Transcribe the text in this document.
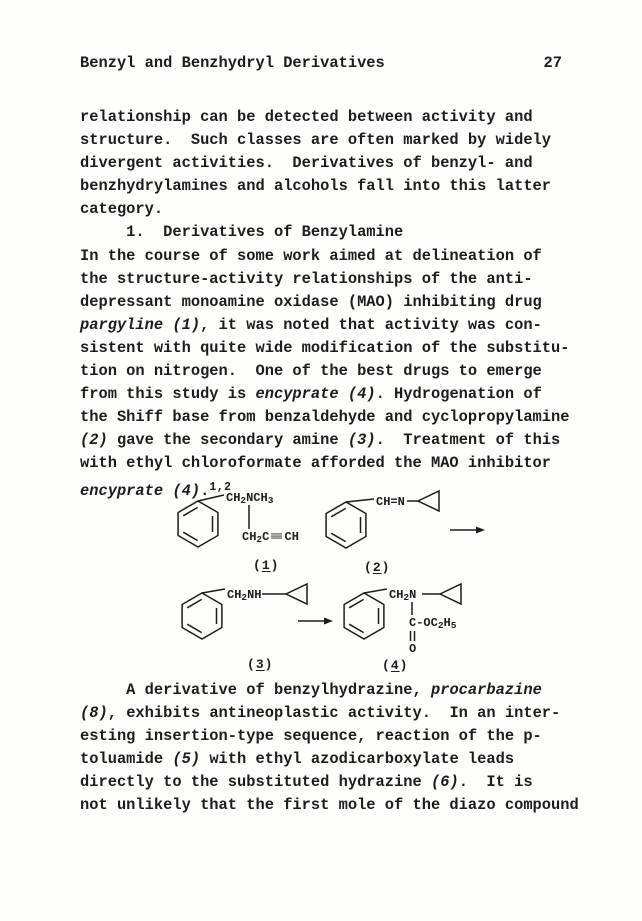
Benzyl and Benzhydryl Derivatives	27
relationship can be detected between activity and
structure.  Such classes are often marked by widely
divergent activities.  Derivatives of benzyl- and
benzhydrylamines and alcohols fall into this latter
category.
1.  Derivatives of Benzylamine
In the course of some work aimed at delineation of
the structure-activity relationships of the anti-
depressant monoamine oxidase (MAO) inhibiting drug
pargyline (1), it was noted that activity was con-
sistent with quite wide modification of the substitu-
tion on nitrogen.  One of the best drugs to emerge
from this study is encyprate (4). Hydrogenation of
the Shiff base from benzaldehyde and cyclopropylamine
(2) gave the secondary amine (3).  Treatment of this
with ethyl chloroformate afforded the MAO inhibitor
encyprate (4).$^{1,2}$
$CH_2NCH_3$
$CH_2C\equiv CH$
CH=N
$CH_2NH$	$CH_2N$
$C-OC_2H_5$
O
(1)	(2)
(3)	(4)
A derivative of benzylhydrazine, procarbazine
(8), exhibits antineoplastic activity.  In an inter-
esting insertion-type sequence, reaction of the p-
toluamide (5) with ethyl azodicarboxylate leads
directly to the substituted hydrazine (6).  It is
not unlikely that the first mole of the diazo compound
